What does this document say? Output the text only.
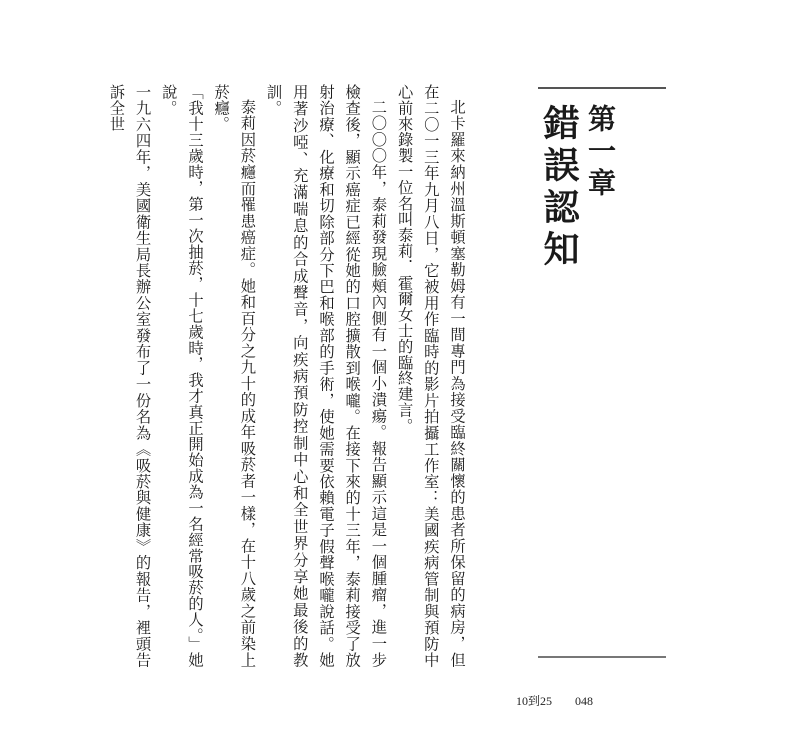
第一章
錯誤認知

北卡羅來納州溫斯頓塞勒姆有一間專門為接受臨終關懷的患者所保留的病房，但在二〇一三年九月八日，它被用作臨時的影片拍攝工作室：美國疾病管制與預防中心前來錄製一位名叫泰莉．霍爾女士的臨終建言。

二〇〇〇年，泰莉發現臉頰內側有一個小潰瘍。報告顯示這是一個腫瘤，進一步檢查後，顯示癌症已經從她的口腔擴散到喉嚨。在接下來的十三年，泰莉接受了放射治療、化療和切除部分下巴和喉部的手術，使她需要依賴電子假聲喉嚨說話。她用著沙啞、充滿喘息的合成聲音，向疾病預防控制中心和全世界分享她最後的教訓。

泰莉因菸癮而罹患癌症。她和百分之九十的成年吸菸者一樣，在十八歲之前染上菸癮。

「我十三歲時，第一次抽菸，十七歲時，我才真正開始成為一名經常吸菸的人。」她說。

一九六四年，美國衛生局長辦公室發布了一份名為《吸菸與健康》的報告，裡頭告訴全世

10到25 048
